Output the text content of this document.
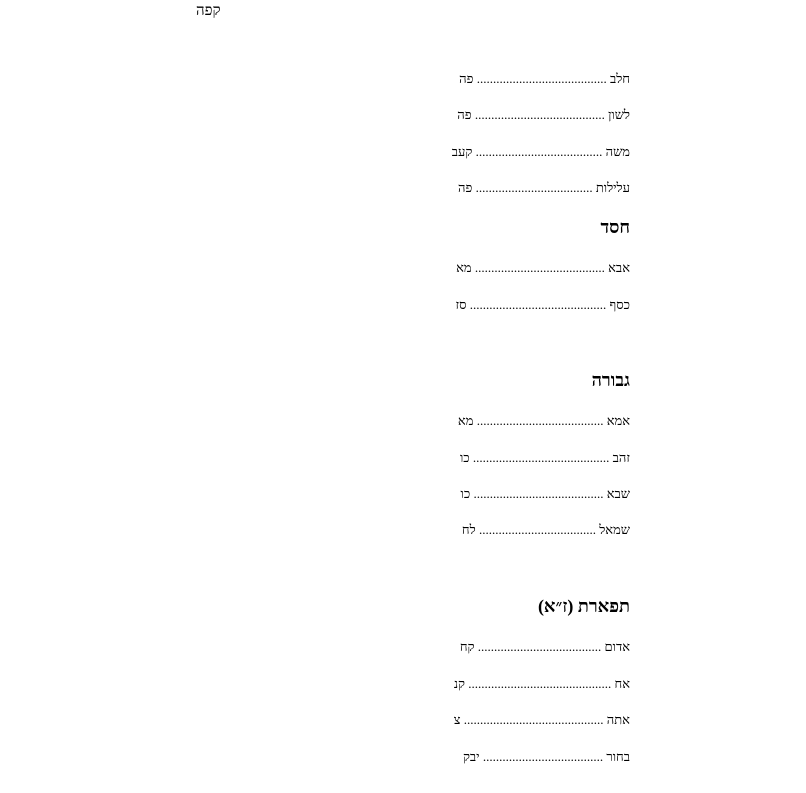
קפה
חלב ........................................ פה
לשון ........................................ פה
משה ....................................... קעב
עלילות .................................... פה
חסד
אבא ........................................ מא
כסף .......................................... סז
גבורה
אמא ....................................... מא
זהב .......................................... כו
שבא ........................................ כו
שמאל .................................... לח
תפארת (ז״א)
אדום ...................................... קח
אח ............................................ קנ
אתה ........................................... צ
בחור ..................................... יבק
